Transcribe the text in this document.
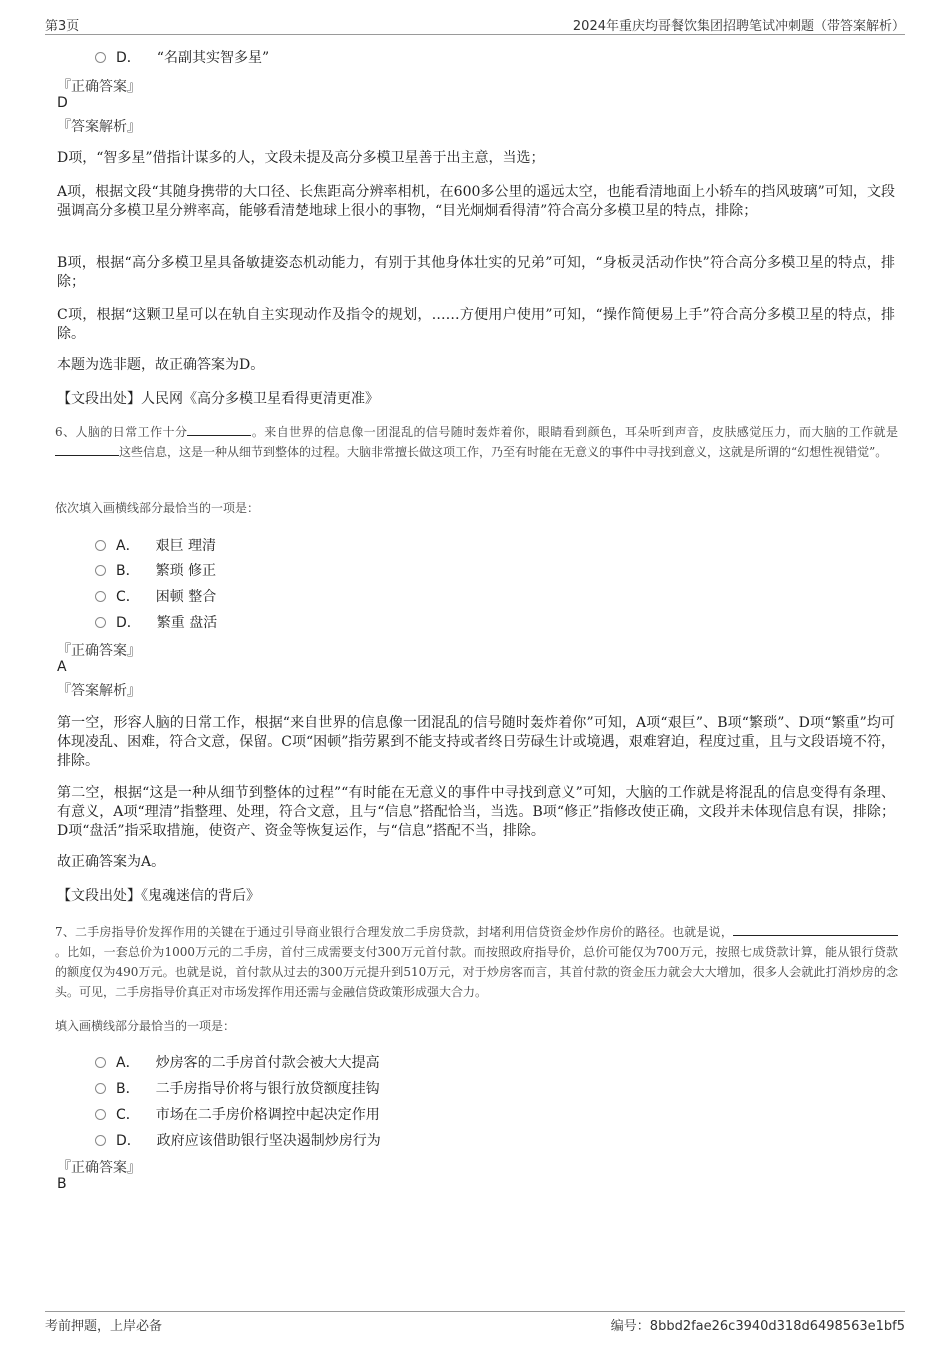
第3页	2024年重庆均哥餐饮集团招聘笔试冲刺题（带答案解析）
D． “名副其实智多星”
『正确答案』
D
『答案解析』
D项，“智多星”借指计谋多的人，文段未提及高分多模卫星善于出主意，当选；
A项，根据文段“其随身携带的大口径、长焦距高分辨率相机，在600多公里的遥远太空，也能看清地面上小轿车的挡风玻璃”可知，文段强调高分多模卫星分辨率高，能够看清楚地球上很小的事物，“目光炯炯看得清”符合高分多模卫星的特点，排除；
B项，根据“高分多模卫星具备敏捷姿态机动能力，有别于其他身体壮实的兄弟”可知，“身板灵活动作快”符合高分多模卫星的特点，排除；
C项，根据“这颗卫星可以在轨自主实现动作及指令的规划，……方便用户使用”可知，“操作简便易上手”符合高分多模卫星的特点，排除。
本题为选非题，故正确答案为D。
【文段出处】人民网《高分多模卫星看得更清更准》
6、人脑的日常工作十分	。来自世界的信息像一团混乱的信号随时轰炸着你，眼睛看到颜色，耳朵听到声音，皮肤感觉压力，而大脑的工作就是这些信息，这是一种从细节到整体的过程。大脑非常擅长做这项工作，乃至有时能在无意义的事件中寻找到意义，这就是所谓的“幻想性视错觉”。
依次填入画横线部分最恰当的一项是：
A． 艰巨 理清
B． 繁琐 修正
C． 困顿 整合
D． 繁重 盘活
『正确答案』
A
『答案解析』
第一空，形容人脑的日常工作，根据“来自世界的信息像一团混乱的信号随时轰炸着你”可知，A项“艰巨”、B项“繁琐”、D项“繁重”均可体现凌乱、困难，符合文意，保留。C项“困顿”指劳累到不能支持或者终日劳碌生计或境遇，艰难窘迫，程度过重，且与文段语境不符，排除。
第二空，根据“这是一种从细节到整体的过程”“有时能在无意义的事件中寻找到意义”可知，大脑的工作就是将混乱的信息变得有条理、有意义，A项“理清”指整理、处理，符合文意，且与“信息”搭配恰当，当选。B项“修正”指修改使正确，文段并未体现信息有误，排除；D项“盘活”指采取措施，使资产、资金等恢复运作，与“信息”搭配不当，排除。
故正确答案为A。
【文段出处】《鬼魂迷信的背后》
7、二手房指导价发挥作用的关键在于通过引导商业银行合理发放二手房贷款，封堵利用信贷资金炒作房价的路径。也就是说，。比如，一套总价为1000万元的二手房，首付三成需要支付300万元首付款。而按照政府指导价，总价可能仅为700万元，按照七成贷款计算，能从银行贷款的额度仅为490万元。也就是说，首付款从过去的300万元提升到510万元，对于炒房客而言，其首付款的资金压力就会大大增加，很多人会就此打消炒房的念头。可见，二手房指导价真正对市场发挥作用还需与金融信贷政策形成强大合力。
填入画横线部分最恰当的一项是：
A． 炒房客的二手房首付款会被大大提高
B． 二手房指导价将与银行放贷额度挂钩
C． 市场在二手房价格调控中起决定作用
D． 政府应该借助银行坚决遏制炒房行为
『正确答案』
B
考前押题，上岸必备	编号：8bbd2fae26c3940d318d6498563e1bf5
